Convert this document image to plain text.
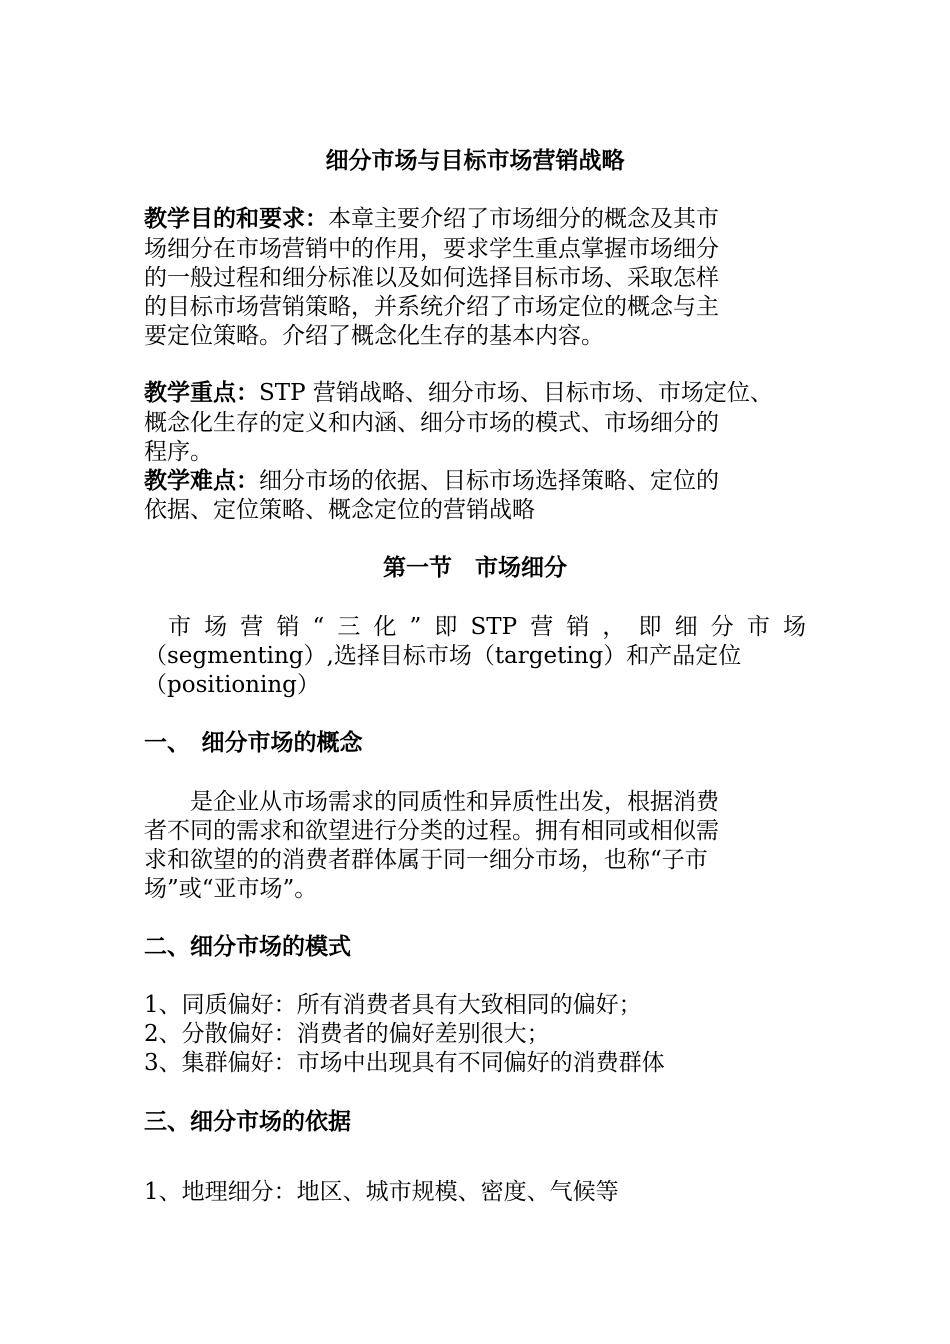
细分市场与目标市场营销战略
教学目的和要求：本章主要介绍了市场细分的概念及其市
场细分在市场营销中的作用，要求学生重点掌握市场细分
的一般过程和细分标准以及如何选择目标市场、采取怎样
的目标市场营销策略，并系统介绍了市场定位的概念与主
要定位策略。介绍了概念化生存的基本内容。
教学重点：STP 营销战略、细分市场、目标市场、市场定位、
概念化生存的定义和内涵、细分市场的模式、市场细分的
程序。
教学难点：细分市场的依据、目标市场选择策略、定位的
依据、定位策略、概念定位的营销战略
第一节　市场细分
市 场 营 销 “ 三 化 ” 即 STP 营 销 ， 即 细 分 市 场
（segmenting）,选择目标市场（targeting）和产品定位
（positioning）
一、　细分市场的概念
　　是企业从市场需求的同质性和异质性出发，根据消费
者不同的需求和欲望进行分类的过程。拥有相同或相似需
求和欲望的的消费者群体属于同一细分市场，也称“子市
场”或“亚市场”。
二、细分市场的模式
1、同质偏好：所有消费者具有大致相同的偏好；
2、分散偏好：消费者的偏好差别很大；
3、集群偏好：市场中出现具有不同偏好的消费群体
三、细分市场的依据
1、地理细分：地区、城市规模、密度、气候等
